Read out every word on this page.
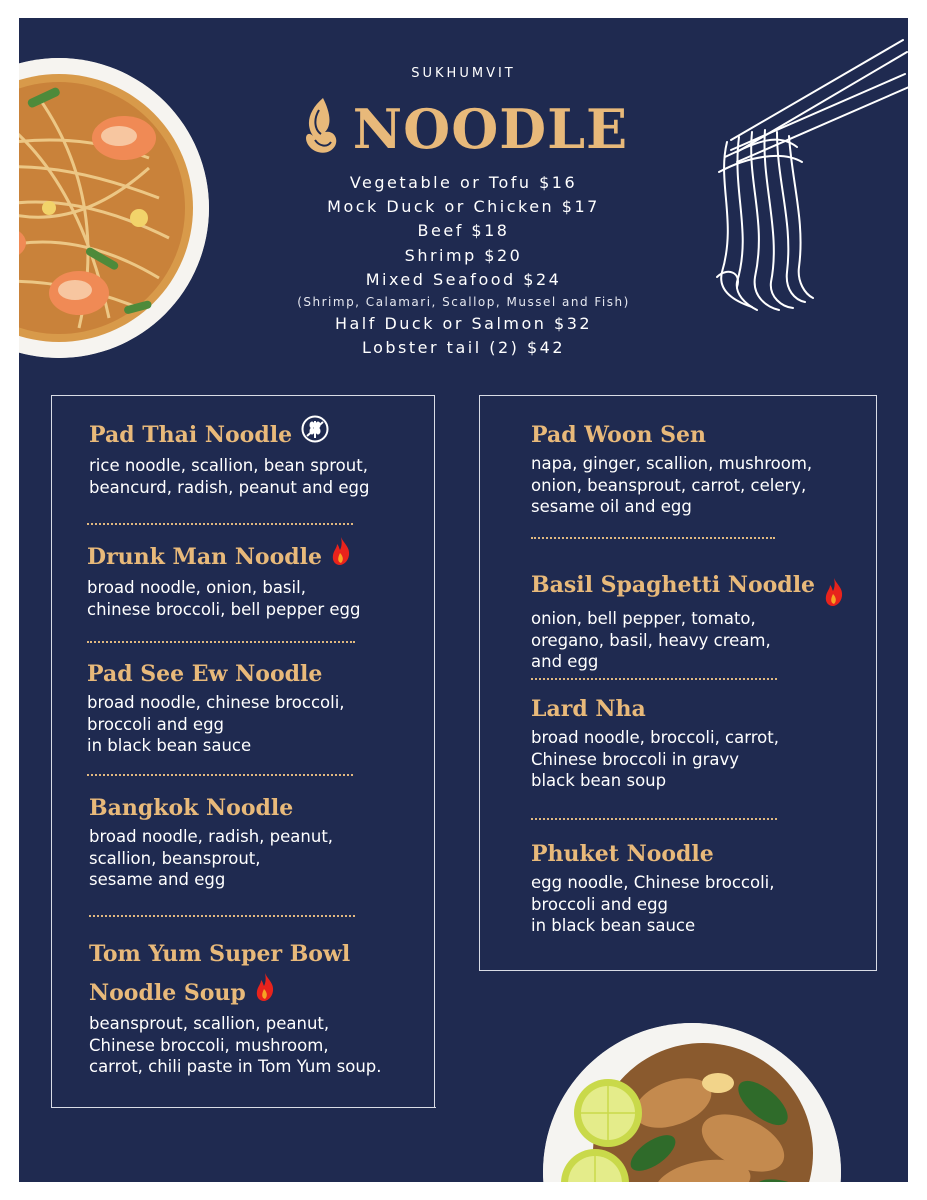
SUKHUMVIT
NOODLE
Vegetable or Tofu $16
Mock Duck or Chicken $17
Beef $18
Shrimp $20
Mixed Seafood $24
(Shrimp, Calamari, Scallop, Mussel and Fish)
Half Duck or Salmon $32
Lobster tail (2) $42
Pad Thai Noodle
rice noodle, scallion, bean sprout,
beancurd, radish, peanut and egg
Drunk Man Noodle
broad noodle, onion, basil,
chinese broccoli, bell pepper egg
Pad See Ew Noodle
broad noodle, chinese broccoli,
broccoli and egg
in black bean sauce
Bangkok Noodle
broad noodle, radish, peanut,
scallion, beansprout,
sesame and egg
Tom Yum Super Bowl
Noodle Soup
beansprout, scallion, peanut,
Chinese broccoli, mushroom,
carrot, chili paste in Tom Yum soup.
Pad Woon Sen
napa, ginger, scallion, mushroom,
onion, beansprout, carrot, celery,
sesame oil and egg
Basil Spaghetti Noodle
onion, bell pepper, tomato,
oregano, basil, heavy cream,
and egg
Lard Nha
broad noodle, broccoli, carrot,
Chinese broccoli in gravy
black bean soup
Phuket Noodle
egg noodle, Chinese broccoli,
broccoli and egg
in black bean sauce
